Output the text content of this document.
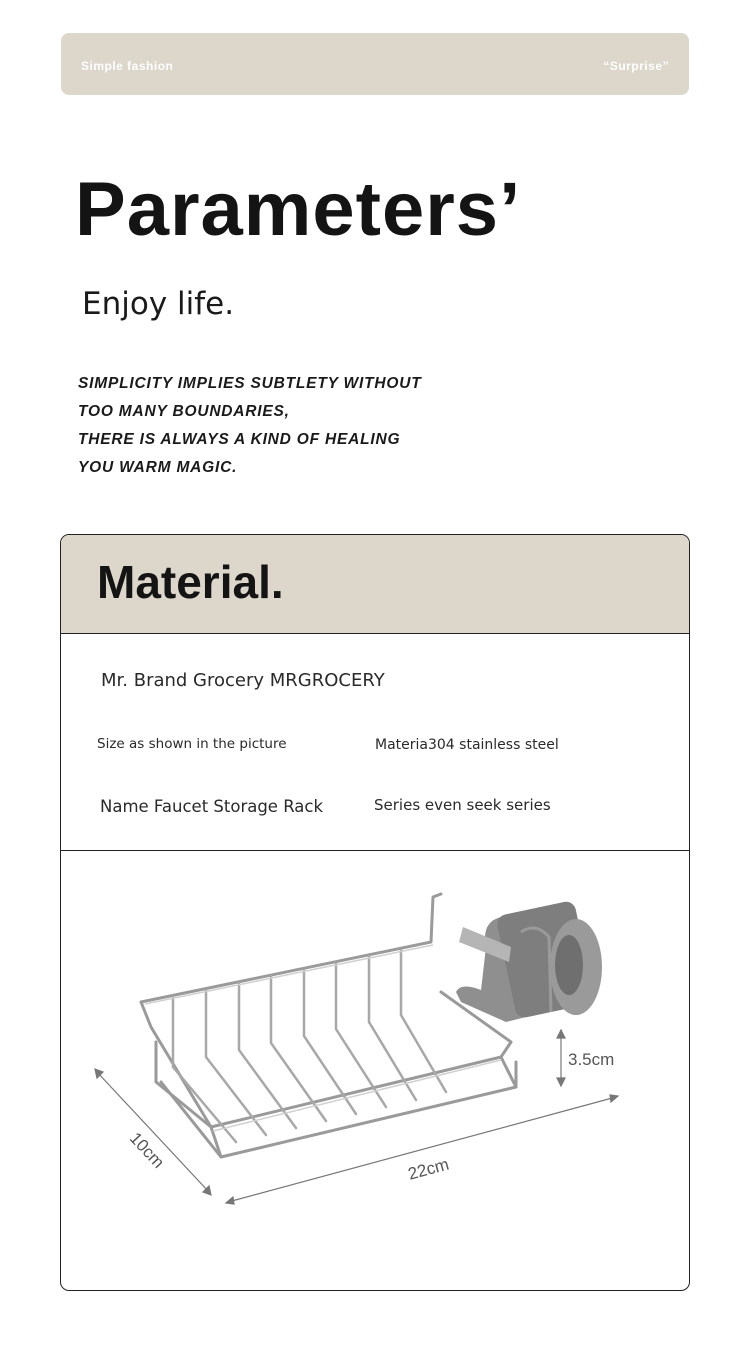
Simple fashion	“Surprise”
Parameters’
Enjoy life.
SIMPLICITY IMPLIES SUBTLETY WITHOUT
TOO MANY BOUNDARIES,
THERE IS ALWAYS A KIND OF HEALING
YOU WARM MAGIC.
Material.
Mr. Brand Grocery MRGROCERY
Size as shown in the picture	Materia304 stainless steel
Name Faucet Storage Rack	Series even seek series
3.5cm
10cm	22cm
